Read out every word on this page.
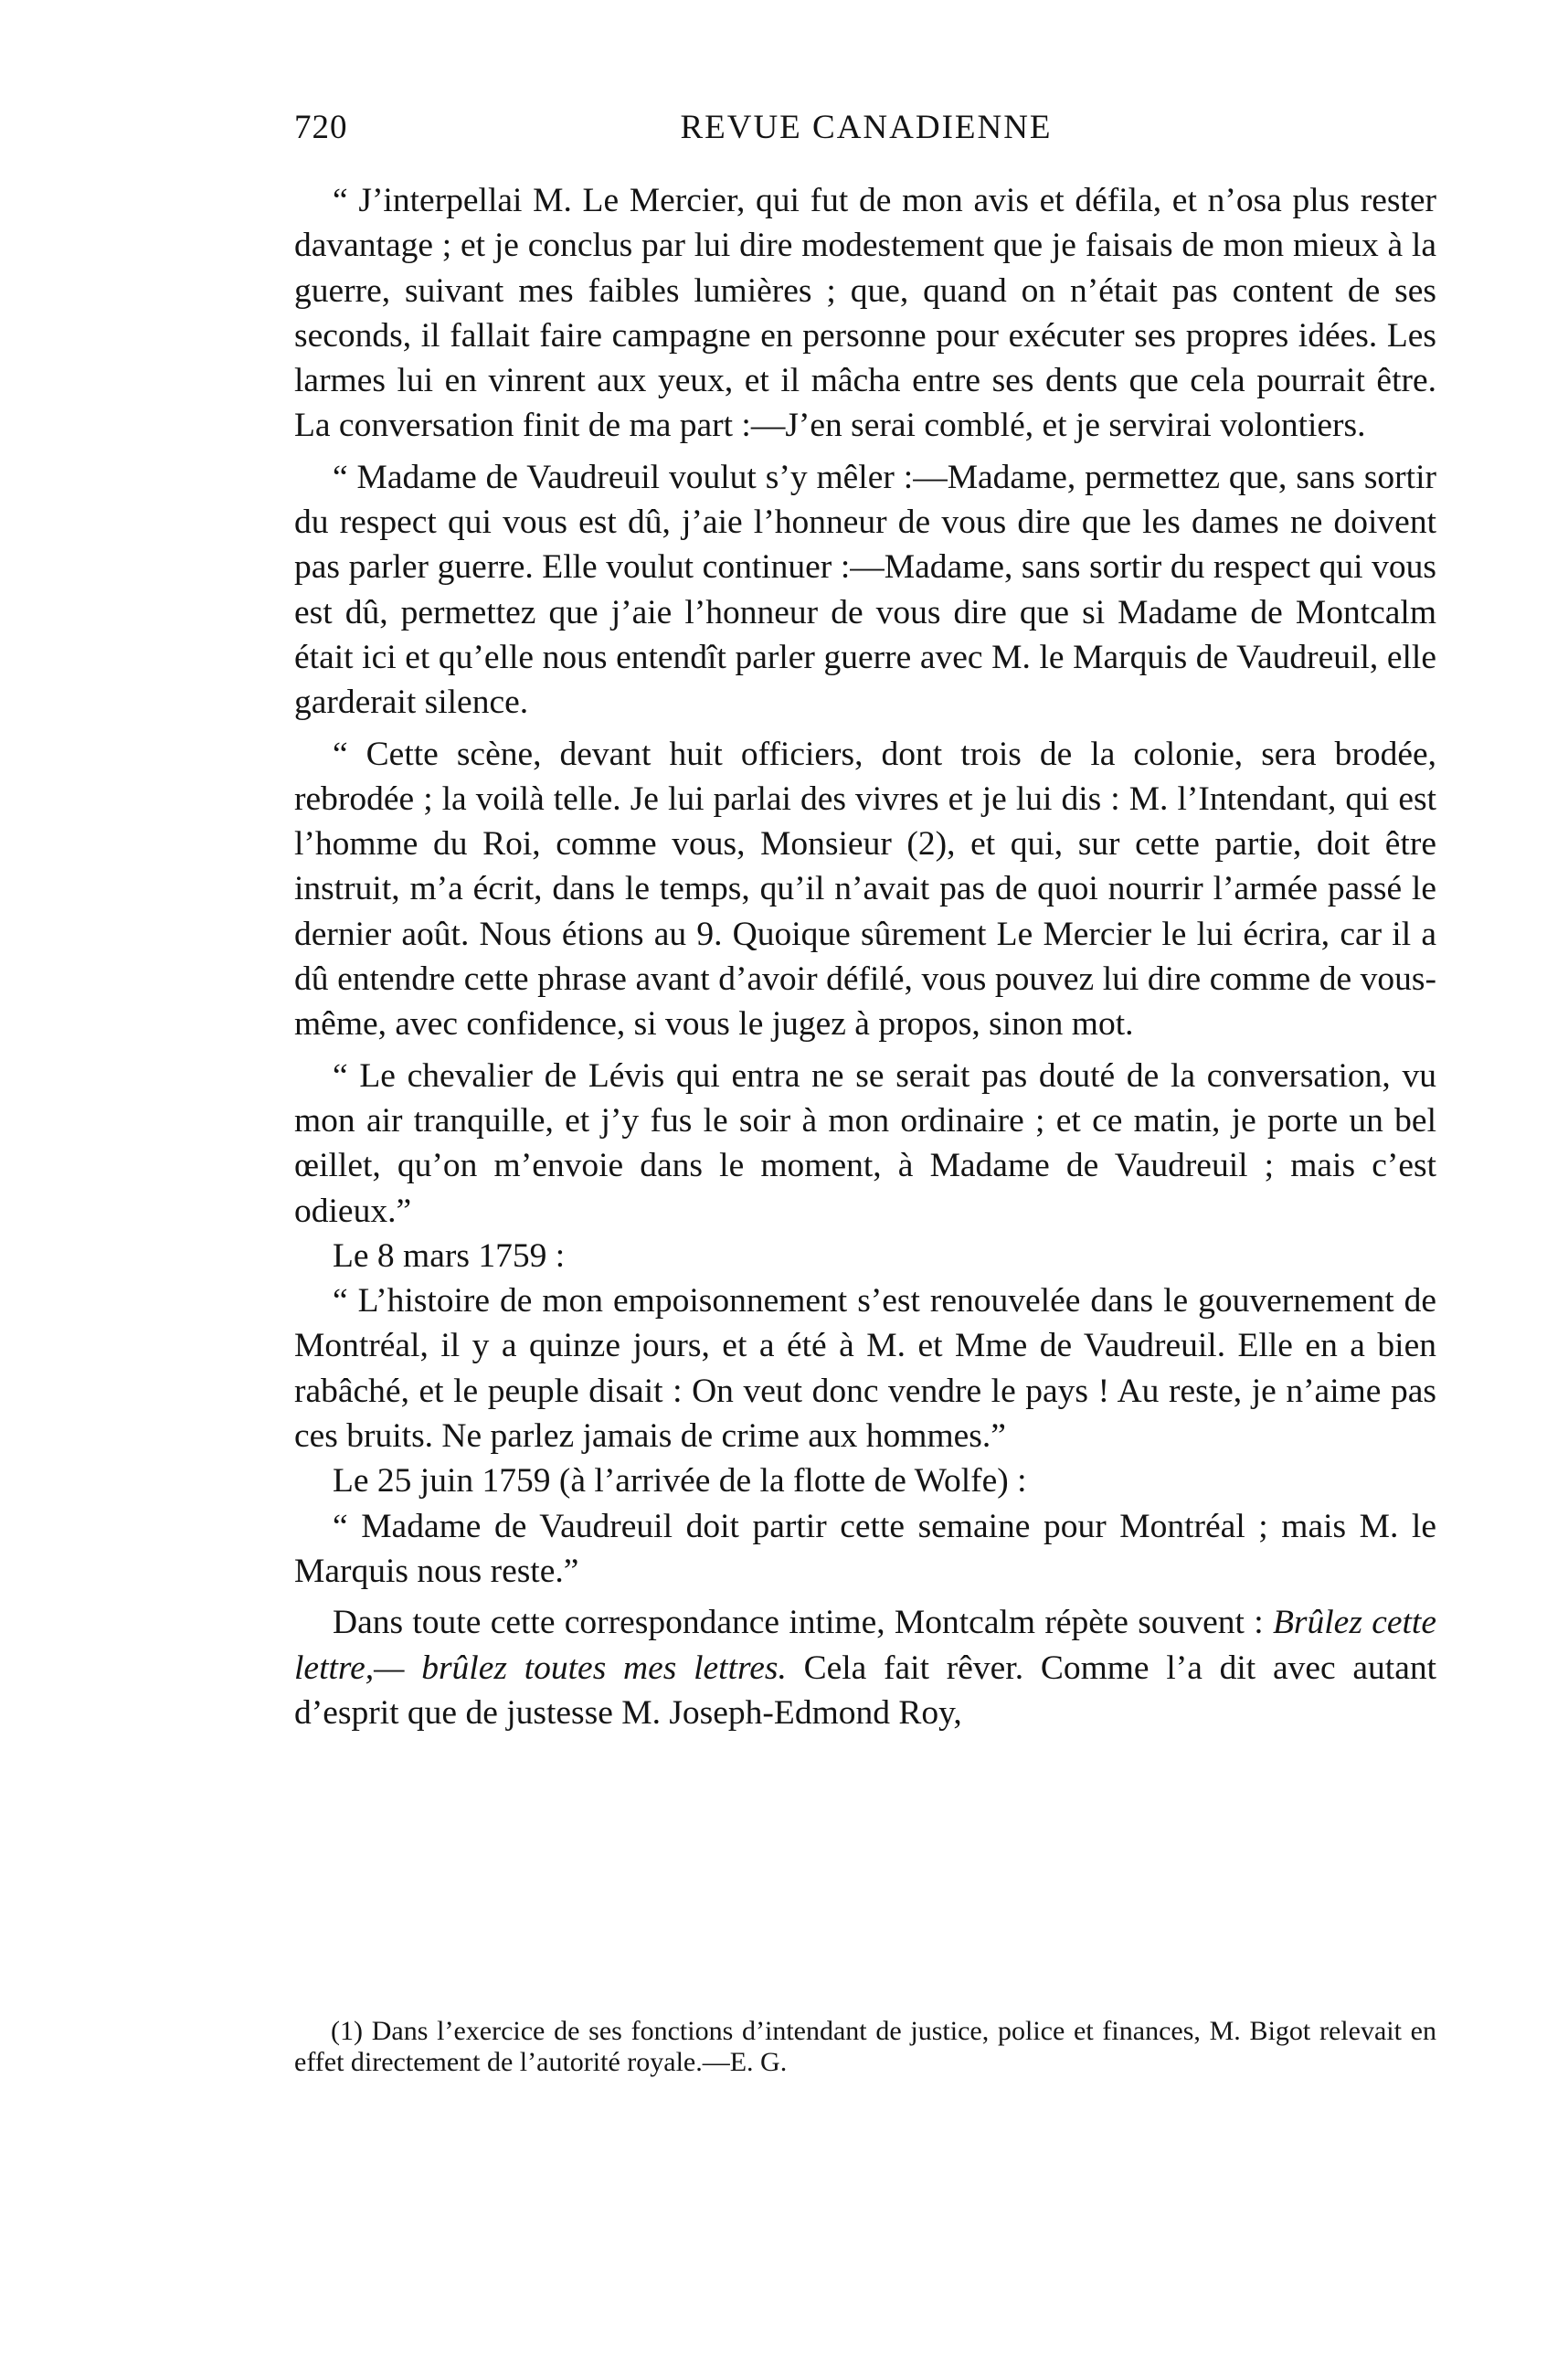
720	REVUE CANADIENNE

“ J’interpellai M. Le Mercier, qui fut de mon avis et défila, et n’osa plus rester davantage ; et je conclus par lui dire modestement que je faisais de mon mieux à la guerre, suivant mes faibles lumières ; que, quand on n’était pas content de ses seconds, il fallait faire campagne en personne pour exécuter ses propres idées. Les larmes lui en vinrent aux yeux, et il mâcha entre ses dents que cela pourrait être. La conversation finit de ma part :—J’en serai comblé, et je servirai volontiers.

“ Madame de Vaudreuil voulut s’y mêler :—Madame, permettez que, sans sortir du respect qui vous est dû, j’aie l’honneur de vous dire que les dames ne doivent pas parler guerre. Elle voulut continuer :—Madame, sans sortir du respect qui vous est dû, permettez que j’aie l’honneur de vous dire que si Madame de Montcalm était ici et qu’elle nous entendît parler guerre avec M. le Marquis de Vaudreuil, elle garderait silence.

“ Cette scène, devant huit officiers, dont trois de la colonie, sera brodée, rebrodée ; la voilà telle. Je lui parlai des vivres et je lui dis : M. l’Intendant, qui est l’homme du Roi, comme vous, Monsieur (2), et qui, sur cette partie, doit être instruit, m’a écrit, dans le temps, qu’il n’avait pas de quoi nourrir l’armée passé le dernier août. Nous étions au 9. Quoique sûrement Le Mercier le lui écrira, car il a dû entendre cette phrase avant d’avoir défilé, vous pouvez lui dire comme de vous-même, avec confidence, si vous le jugez à propos, sinon mot.

“ Le chevalier de Lévis qui entra ne se serait pas douté de la conversation, vu mon air tranquille, et j’y fus le soir à mon ordinaire ; et ce matin, je porte un bel œillet, qu’on m’envoie dans le moment, à Madame de Vaudreuil ; mais c’est odieux.”

Le 8 mars 1759 :

“ L’histoire de mon empoisonnement s’est renouvelée dans le gouvernement de Montréal, il y a quinze jours, et a été à M. et Mme de Vaudreuil. Elle en a bien rabâché, et le peuple disait : On veut donc vendre le pays ! Au reste, je n’aime pas ces bruits. Ne parlez jamais de crime aux hommes.”

Le 25 juin 1759 (à l’arrivée de la flotte de Wolfe) :

“ Madame de Vaudreuil doit partir cette semaine pour Montréal ; mais M. le Marquis nous reste.”

Dans toute cette correspondance intime, Montcalm répète souvent : Brûlez cette lettre,— brûlez toutes mes lettres. Cela fait rêver. Comme l’a dit avec autant d’esprit que de justesse M. Joseph-Edmond Roy,

(1) Dans l’exercice de ses fonctions d’intendant de justice, police et finances, M. Bigot relevait en effet directement de l’autorité royale.—E. G.
